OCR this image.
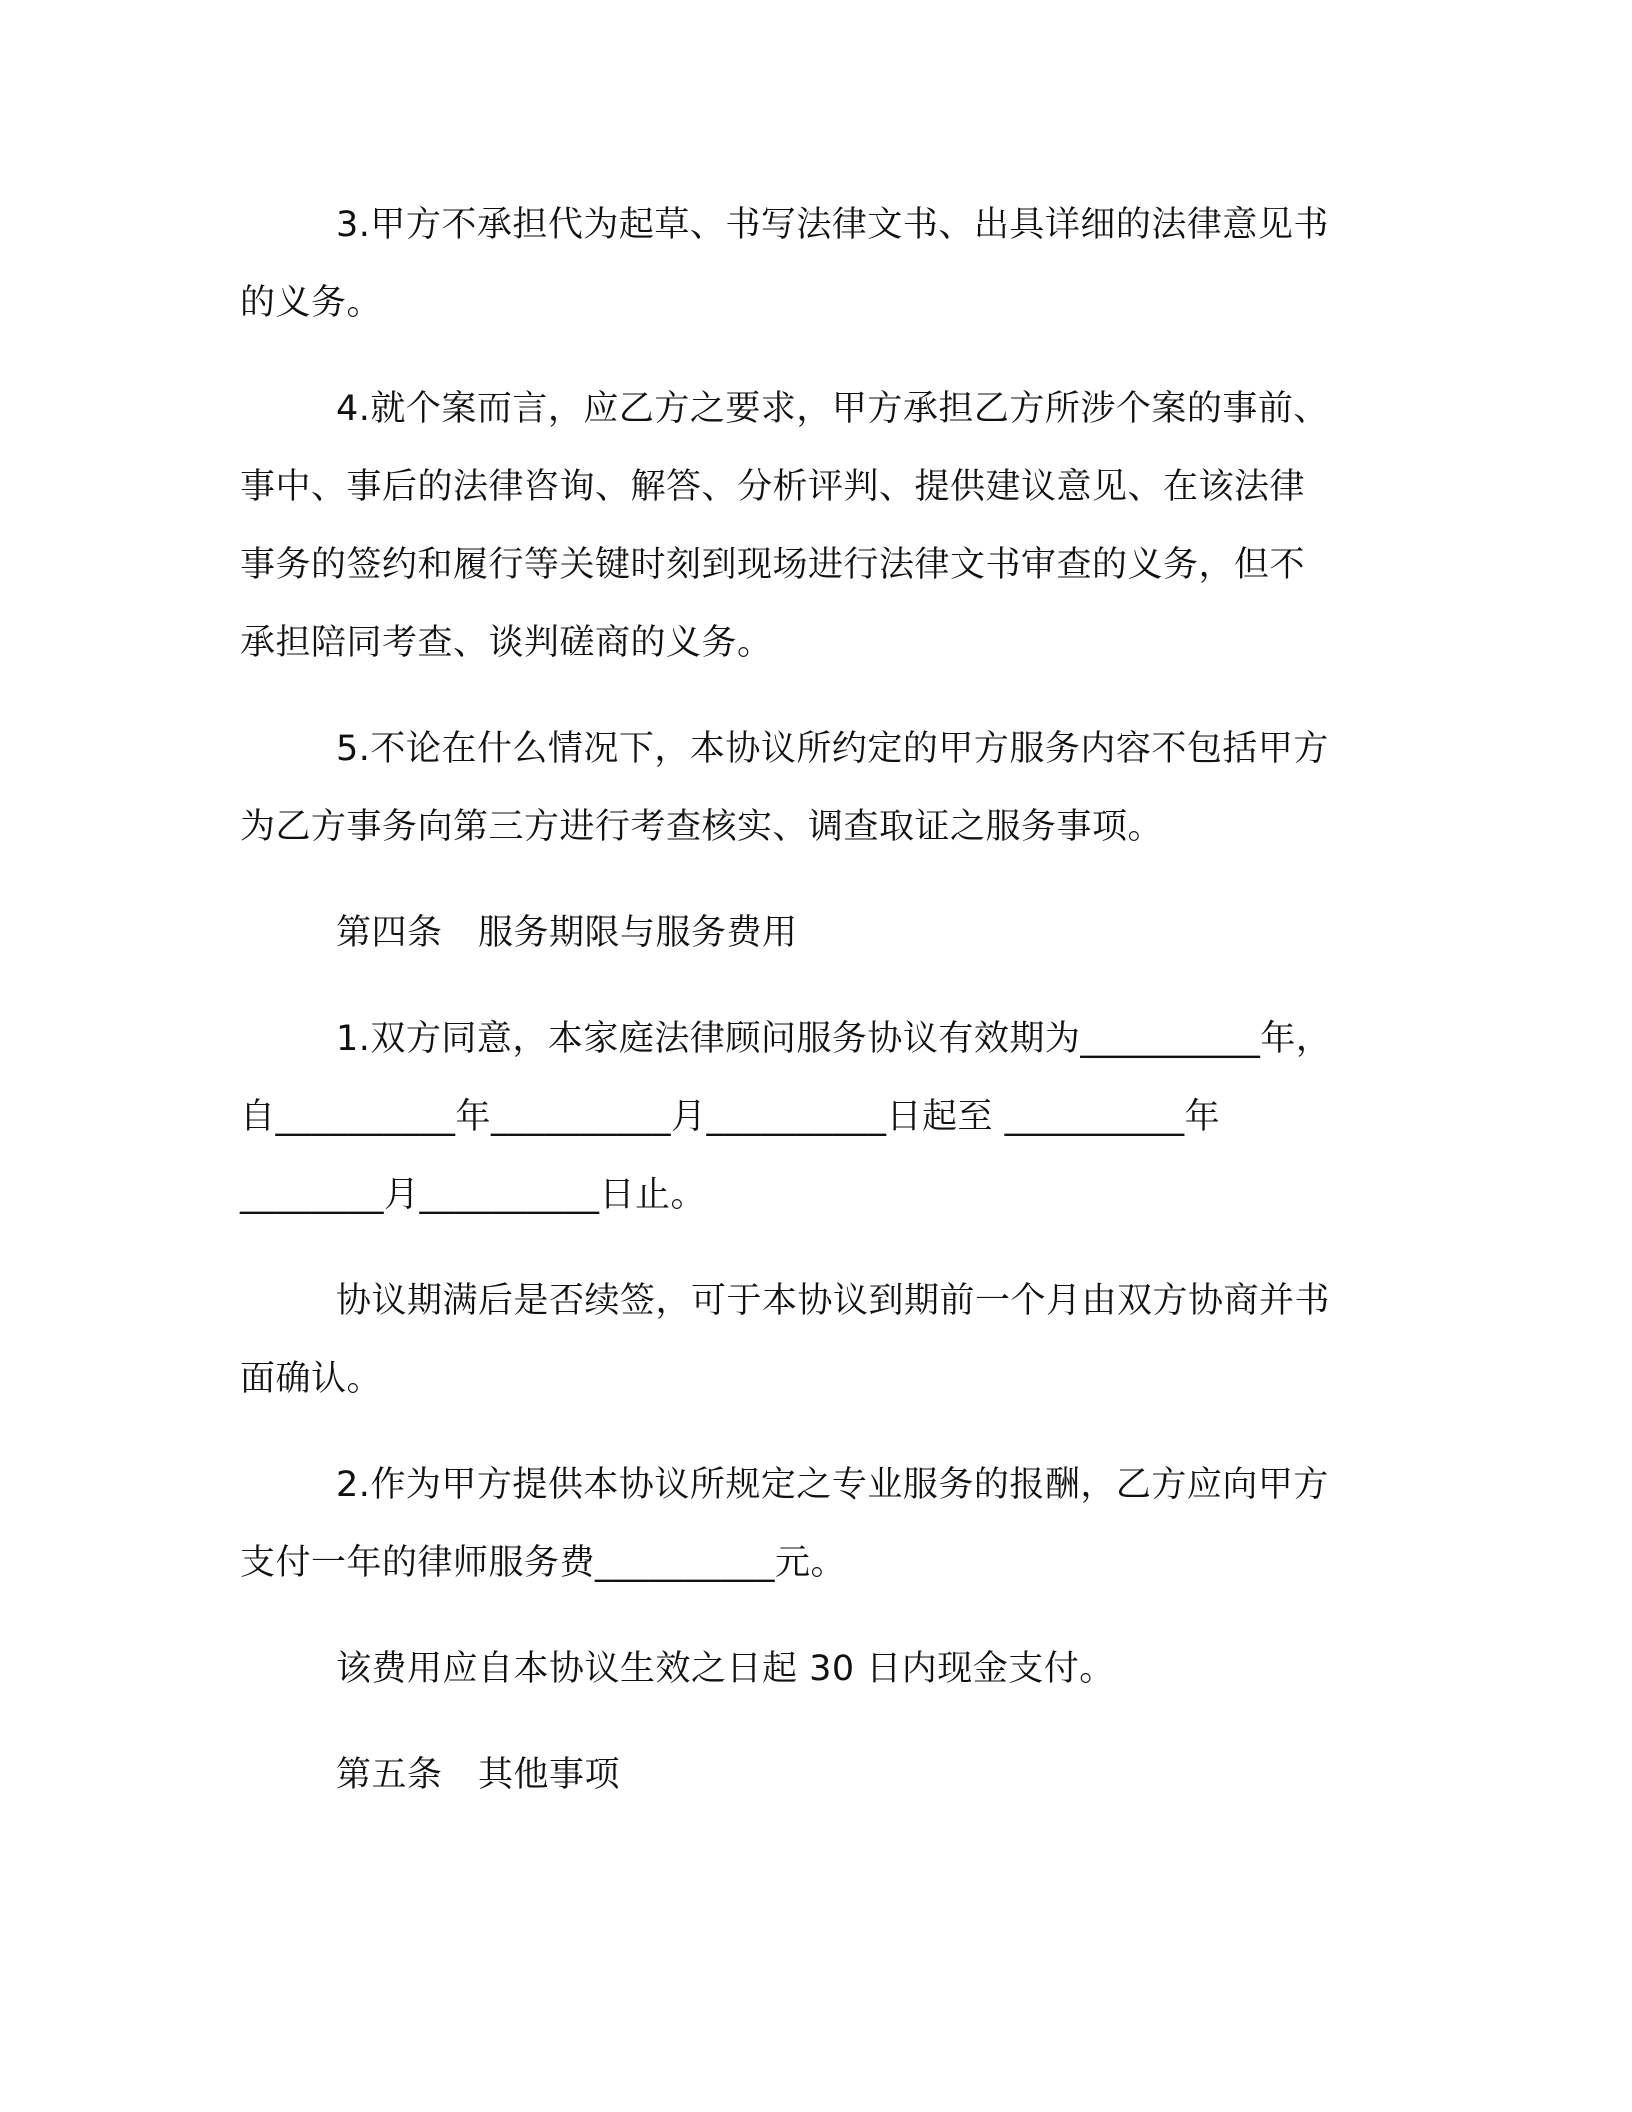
3.甲方不承担代为起草、书写法律文书、出具详细的法律意见书
的义务。
4.就个案而言，应乙方之要求，甲方承担乙方所涉个案的事前、
事中、事后的法律咨询、解答、分析评判、提供建议意见、在该法律
事务的签约和履行等关键时刻到现场进行法律文书审查的义务，但不
承担陪同考查、谈判磋商的义务。
5.不论在什么情况下，本协议所约定的甲方服务内容不包括甲方
为乙方事务向第三方进行考查核实、调查取证之服务事项。
第四条　服务期限与服务费用
1.双方同意，本家庭法律顾问服务协议有效期为__________年，
自__________年__________月__________日起至 __________年
________月__________日止。
协议期满后是否续签，可于本协议到期前一个月由双方协商并书
面确认。
2.作为甲方提供本协议所规定之专业服务的报酬，乙方应向甲方
支付一年的律师服务费__________元。
该费用应自本协议生效之日起 30 日内现金支付。
第五条　其他事项
